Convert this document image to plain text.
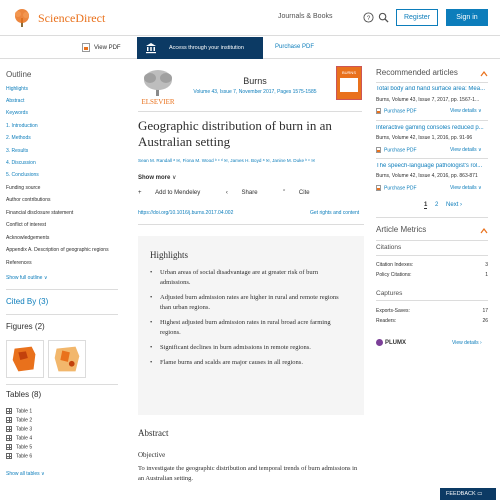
ScienceDirect	Journals & Books	?	Register	Sign in
View PDF	Access through your institution	Purchase PDF
Outline
Highlights
Abstract
Keywords
1. Introduction
2. Methods
3. Results
4. Discussion
5. Conclusions
Funding source
Author contributions
Financial disclosure statement
Conflict of interest
Acknowledgements
Appendix A. Description of geographic regions
References
Show full outline ∨
Cited By (3)
Figures (2)
Tables (8)
Table 1
Table 2
Table 3
Table 4
Table 5
Table 6
Show all tables ∨
ELSEVIER
Burns
Volume 43, Issue 7, November 2017, Pages 1575-1585
BURNS
Geographic distribution of burn in an Australian setting
Sean M. Randall ᵃ ✉, Fiona M. Wood ᵇ ᶜ ᵈ ✉, James H. Boyd ᵃ ✉, Janine M. Duke ᵇ ᶜ ✉
Show more ∨
+ Add to Mendeley	‹ Share	” Cite
https://doi.org/10.1016/j.burns.2017.04.002	Get rights and content
Highlights
• Urban areas of social disadvantage are at greater risk of burn admissions.
• Adjusted burn admission rates are higher in rural and remote regions than urban regions.
• Highest adjusted burn admission rates in rural broad acre farming regions.
• Significant declines in burn admissions in remote regions.
• Flame burns and scalds are major causes in all regions.
Abstract
Objective
To investigate the geographic distribution and temporal trends of burn admissions in an Australian setting.
Recommended articles
Total body and hand surface area: Mea...
Burns, Volume 43, Issue 7, 2017, pp. 1567-1...
Purchase PDF	View details ∨
Interactive gaming consoles reduced p...
Burns, Volume 42, Issue 1, 2016, pp. 91-96
Purchase PDF	View details ∨
The speech-language pathologist's rol...
Burns, Volume 42, Issue 4, 2016, pp. 863-871
Purchase PDF	View details ∨
1 2 Next ›
Article Metrics
Citations
Citation Indexes:	3
Policy Citations:	1
Captures
Exports-Saves:	17
Readers:	26
PLUMX	View details ›
FEEDBACK ▭
